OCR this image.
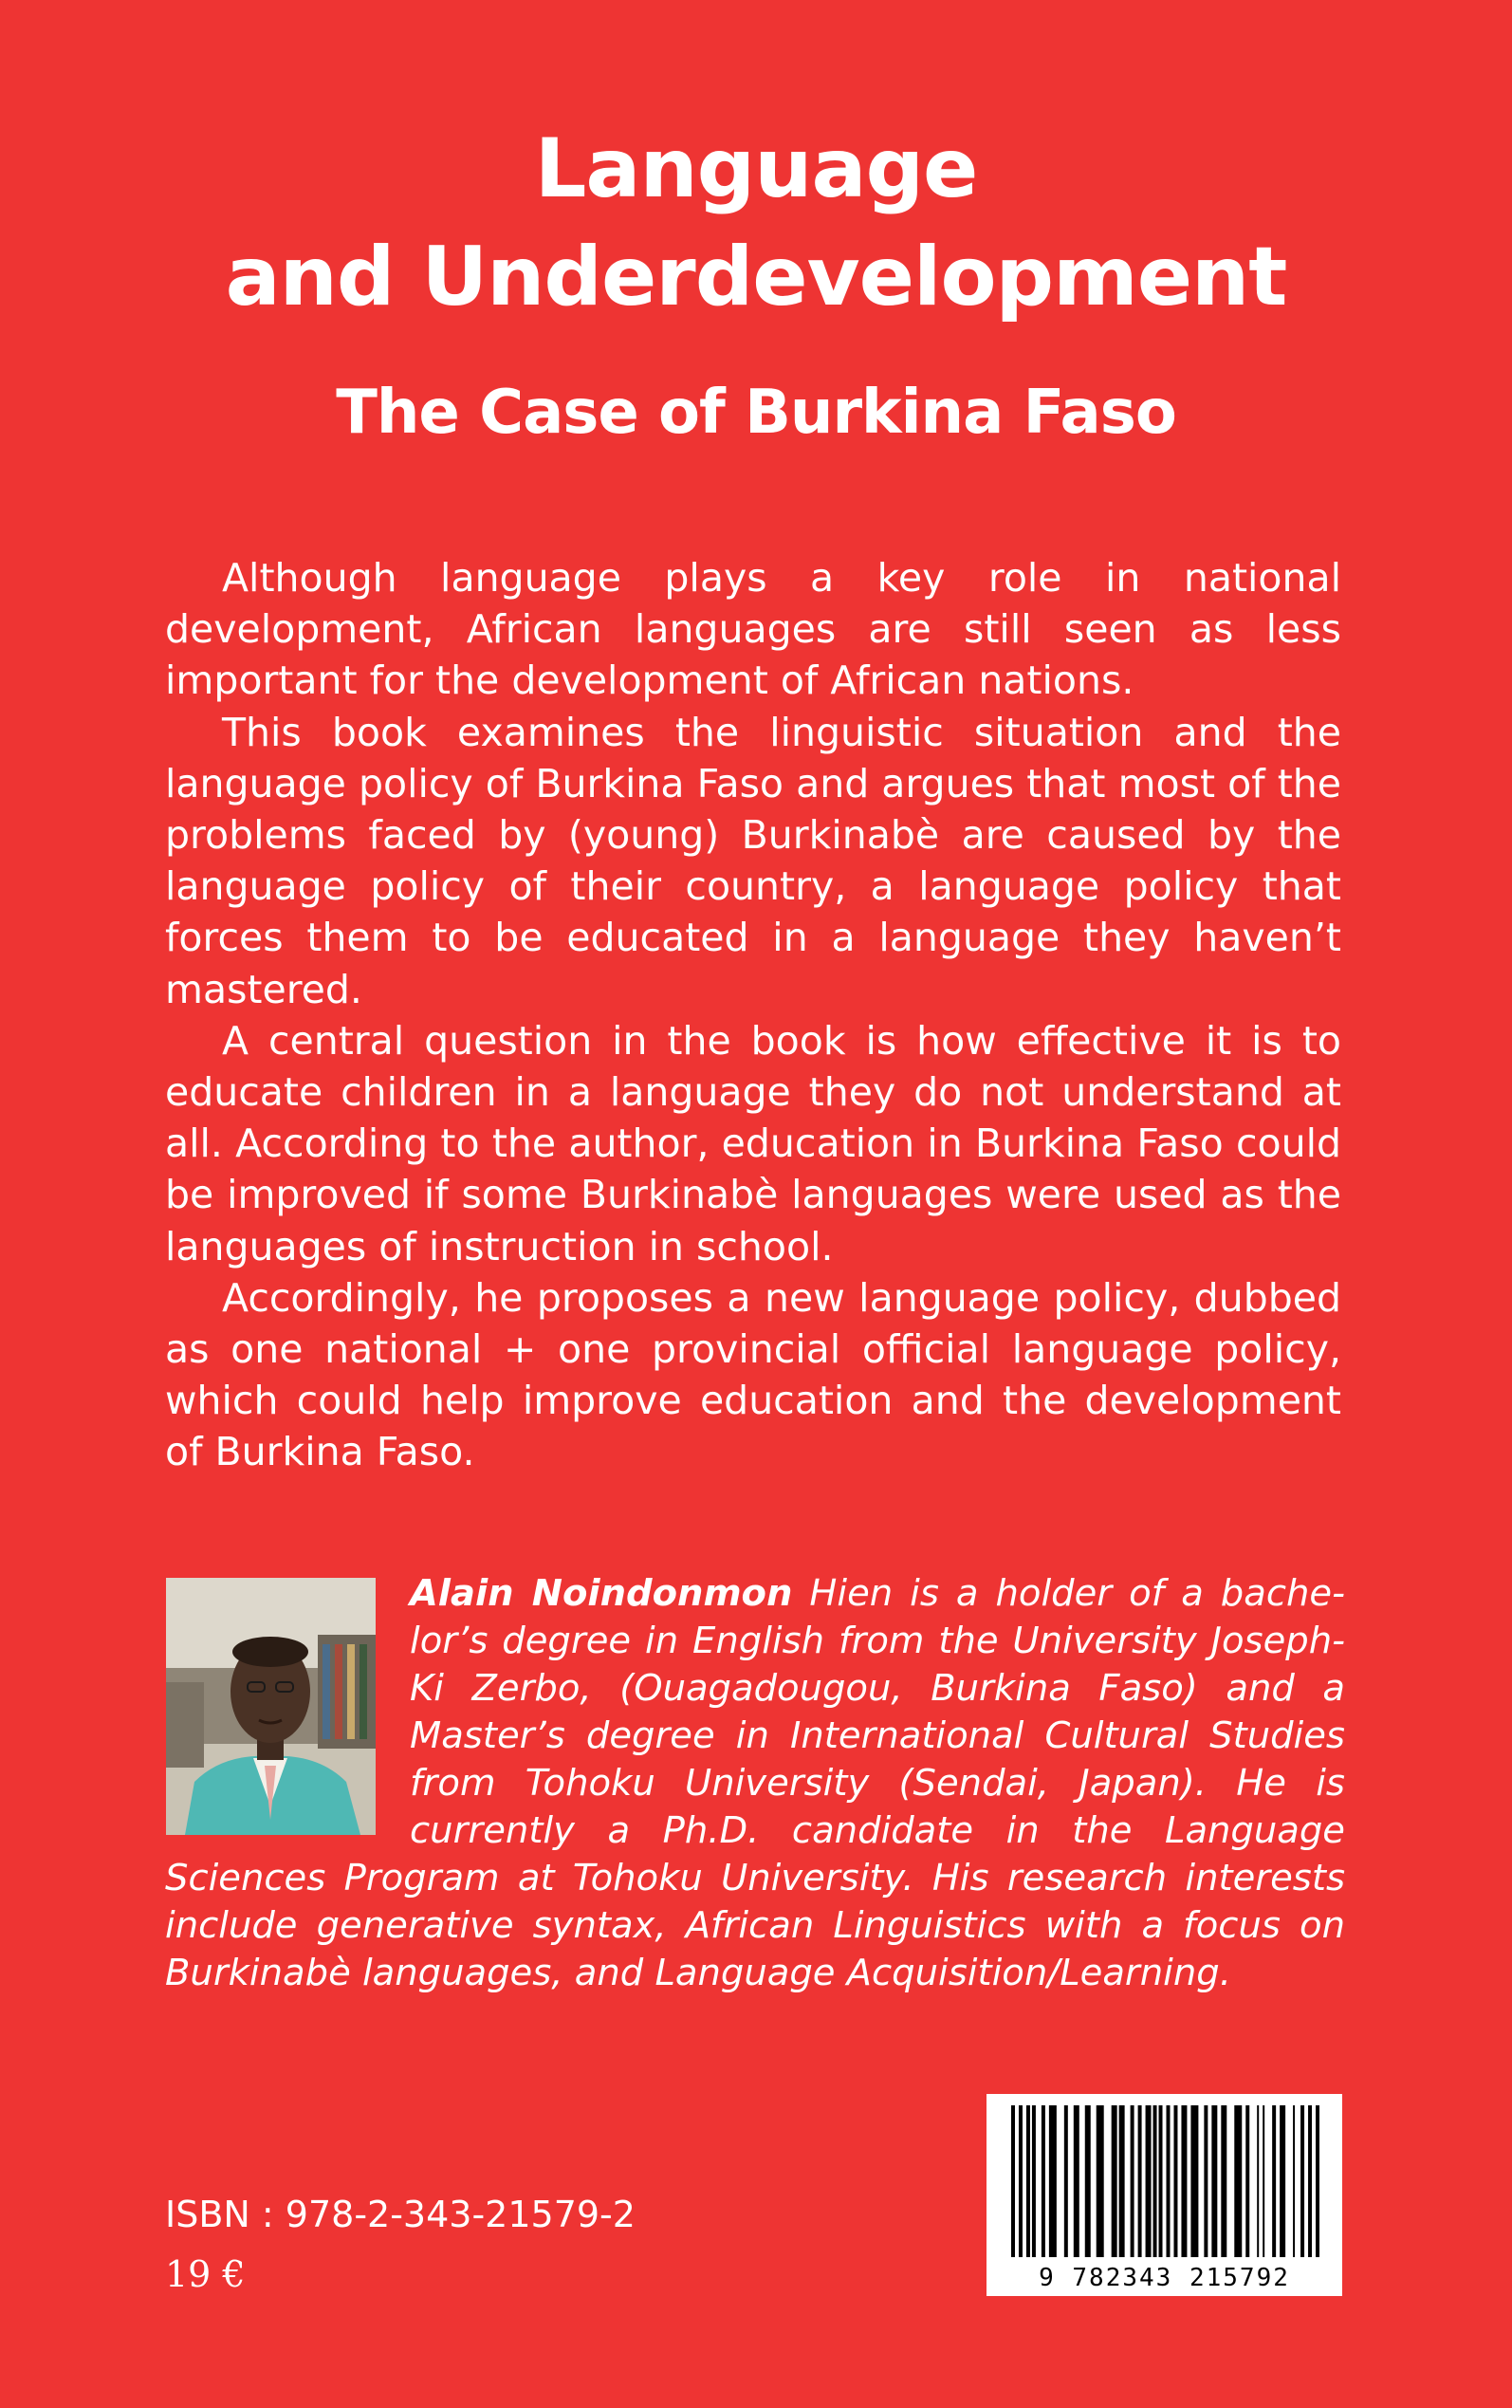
Language
and Underdevelopment
The Case of Burkina Faso

Although language plays a key role in national development, African languages are still seen as less important for the development of African nations.

This book examines the linguistic situation and the language policy of Burkina Faso and argues that most of the problems faced by (young) Burkinabè are caused by the language policy of their country, a language policy that forces them to be educated in a language they haven’t mastered.

A central question in the book is how effective it is to educate children in a language they do not understand at all. According to the author, education in Burkina Faso could be improved if some Burkinabè languages were used as the languages of instruction in school.

Accordingly, he proposes a new language policy, dubbed as one national + one provincial official language policy, which could help improve education and the development of Burkina Faso.

Alain Noindonmon Hien is a holder of a bachelor’s degree in English from the University Joseph-Ki Zerbo, (Ouagadougou, Burkina Faso) and a Master’s degree in International Cultural Studies from Tohoku University (Sendai, Japan). He is currently a Ph.D. candidate in the Language Sciences Program at Tohoku University. His research interests include generative syntax, African Linguistics with a focus on Burkinabè languages, and Language Acquisition/Learning.
9 782343 215792
ISBN : 978-2-343-21579-2
19 €
